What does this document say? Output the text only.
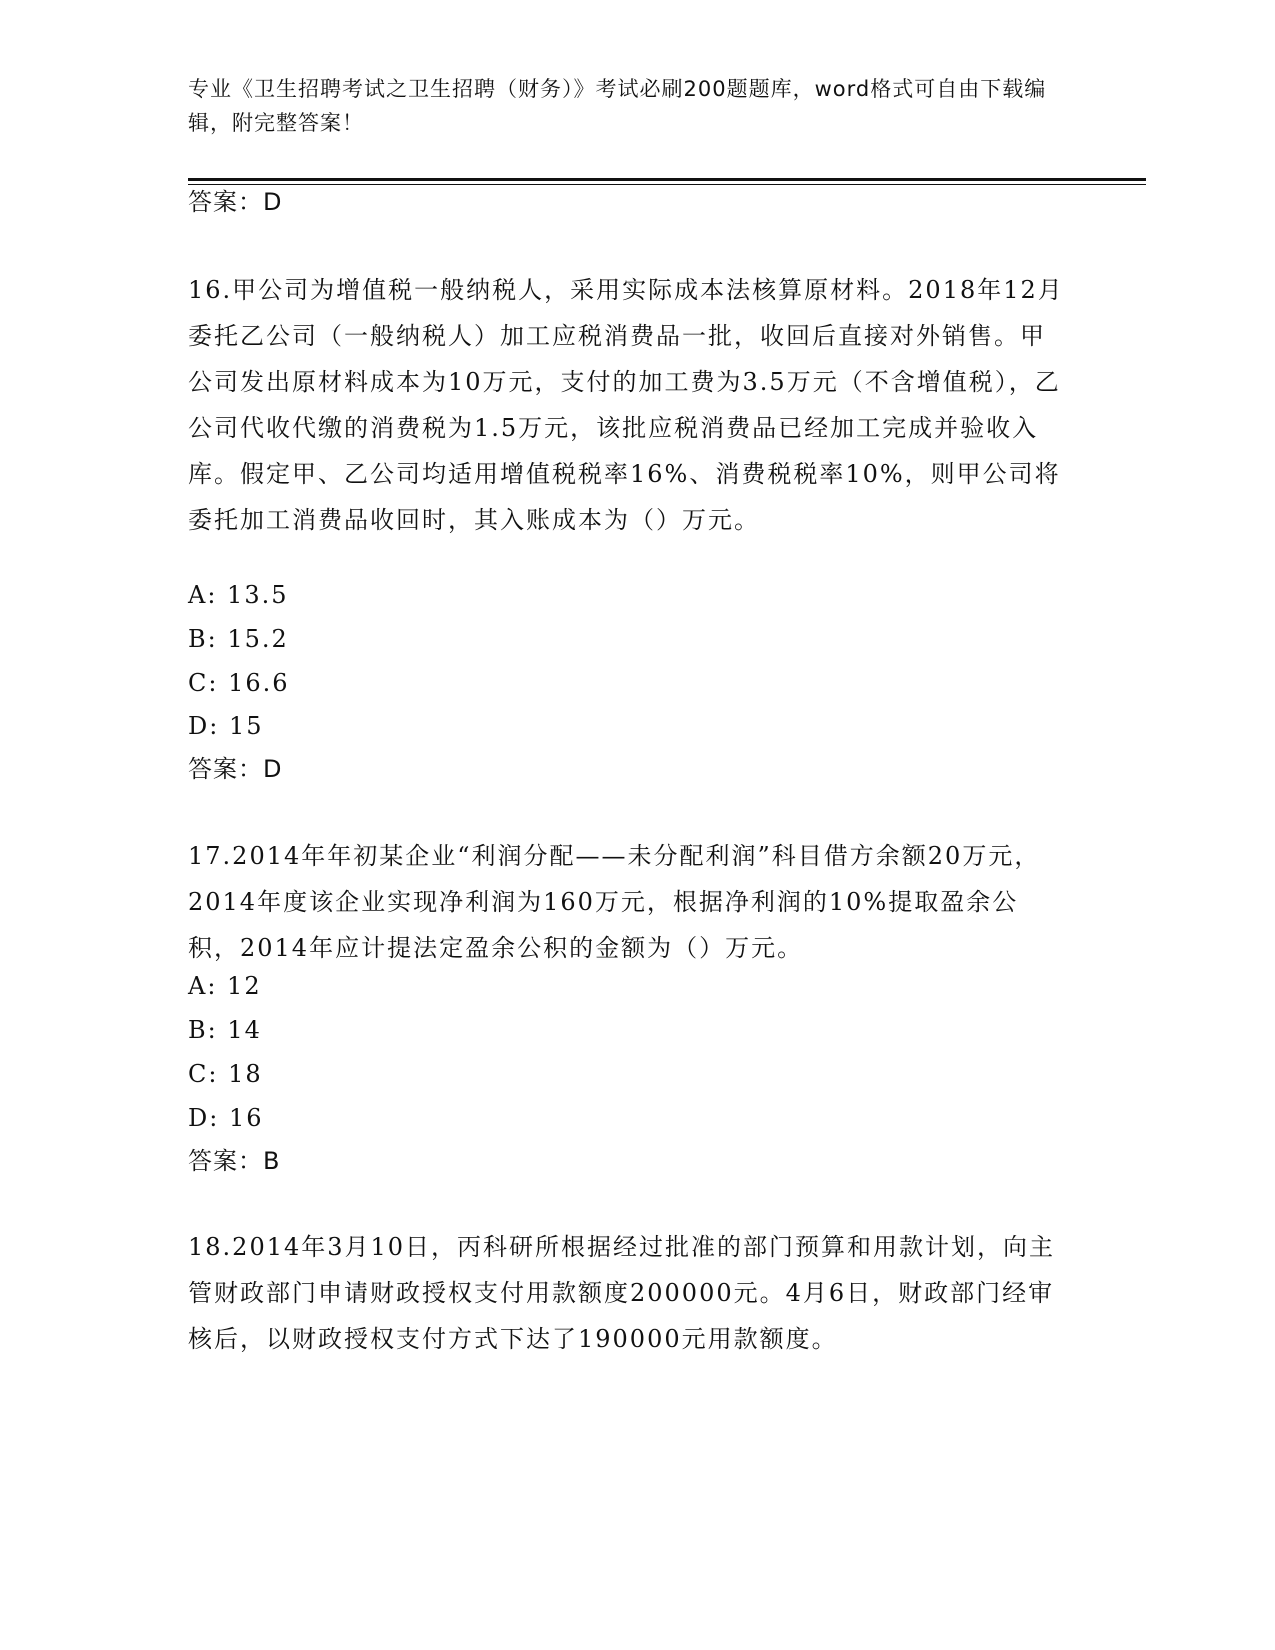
专业《卫生招聘考试之卫生招聘（财务）》考试必刷200题题库，word格式可自由下载编辑，附完整答案！
答案：D
16.甲公司为增值税一般纳税人，采用实际成本法核算原材料。2018年12月委托乙公司（一般纳税人）加工应税消费品一批，收回后直接对外销售。甲公司发出原材料成本为10万元，支付的加工费为3.5万元（不含增值税），乙公司代收代缴的消费税为1.5万元，该批应税消费品已经加工完成并验收入库。假定甲、乙公司均适用增值税税率16%、消费税税率10%，则甲公司将委托加工消费品收回时，其入账成本为（）万元。
A: 13.5
B: 15.2
C: 16.6
D: 15
答案：D
17.2014年年初某企业“利润分配——未分配利润”科目借方余额20万元，2014年度该企业实现净利润为160万元，根据净利润的10%提取盈余公积，2014年应计提法定盈余公积的金额为（）万元。
A: 12
B: 14
C: 18
D: 16
答案：B
18.2014年3月10日，丙科研所根据经过批准的部门预算和用款计划，向主管财政部门申请财政授权支付用款额度200000元。4月6日，财政部门经审核后，以财政授权支付方式下达了190000元用款额度。
